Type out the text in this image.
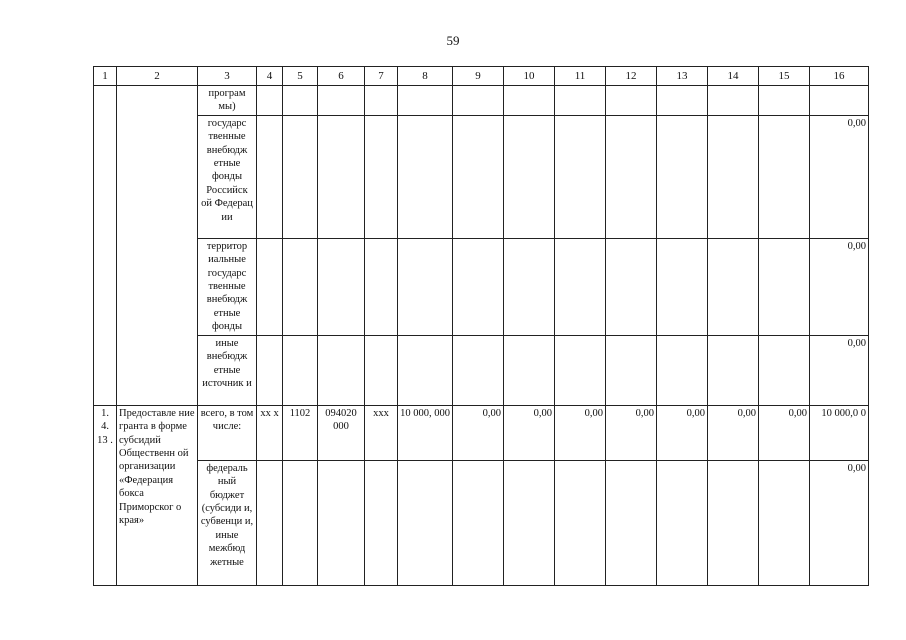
59
1	2	3	4	5	6	7	8	9	10	11	12	13	14	15	16
		програм мы)													
		государс твенные внебюдж етные фонды Российск ой Федерац ии													0,00
		территор иальные государс твенные внебюдж етные фонды													0,00
		иные внебюдж етные источник и													0,00
1. 4. 13 .	Предоставле ние гранта в форме субсидий Общественн ой организации «Федерация бокса Приморског о края»	всего, в том числе:	хх х	1102	094020 000	ххх	10 000, 000	0,00	0,00	0,00	0,00	0,00	0,00	0,00	10 000,0 0
		федераль ный бюджет (субсиди и, субвенци и, иные межбюд жетные													0,00
